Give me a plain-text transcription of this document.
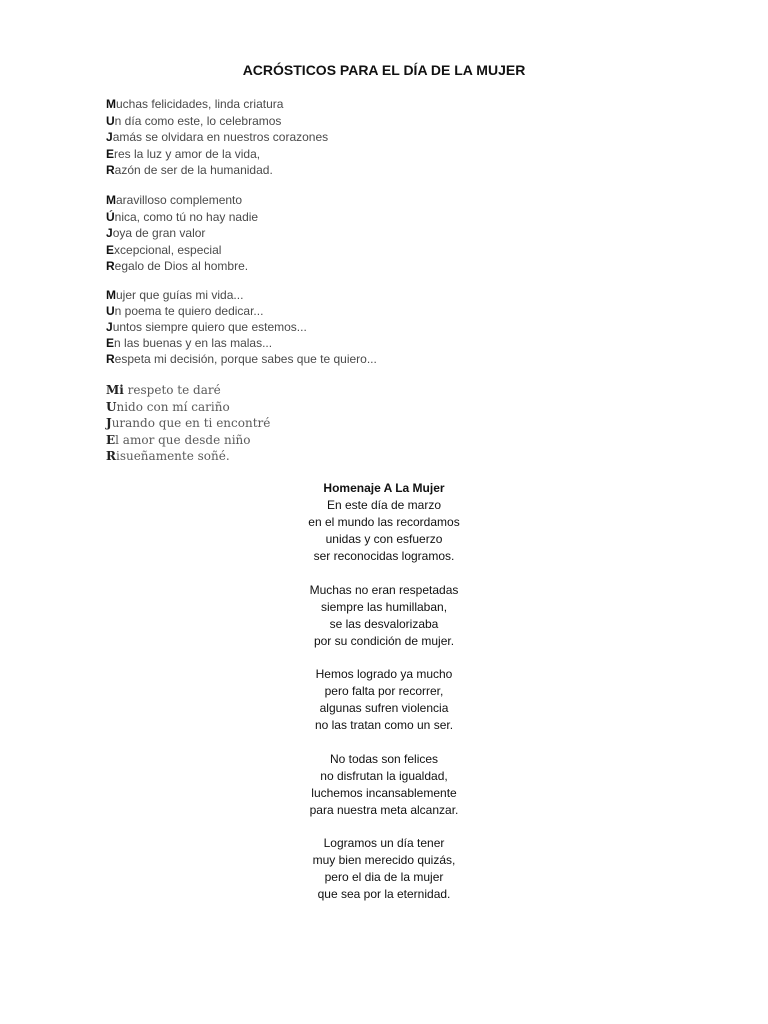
ACRÓSTICOS PARA EL DÍA DE LA MUJER
Muchas felicidades, linda criatura
Un día como este, lo celebramos
Jamás se olvidara en nuestros corazones
Eres la luz y amor de la vida,
Razón de ser de la humanidad.
Maravilloso complemento
Única, como tú no hay nadie
Joya de gran valor
Excepcional, especial
Regalo de Dios al hombre.
Mujer que guías mi vida...
Un poema te quiero dedicar...
Juntos siempre quiero que estemos...
En las buenas y en las malas...
Respeta mi decisión, porque sabes que te quiero...
Mi respeto te daré
Unido con mí cariño
Jurando que en ti encontré
El amor que desde niño
Risueñamente soñé.
Homenaje A La Mujer
En este día de marzo
en el mundo las recordamos
unidas y con esfuerzo
ser reconocidas logramos.
Muchas no eran respetadas
siempre las humillaban,
se las desvalorizaba
por su condición de mujer.
Hemos logrado ya mucho
pero falta por recorrer,
algunas sufren violencia
no las tratan como un ser.
No todas son felices
no disfrutan la igualdad,
luchemos incansablemente
para nuestra meta alcanzar.
Logramos un día tener
muy bien merecido quizás,
pero el dia de la mujer
que sea por la eternidad.
